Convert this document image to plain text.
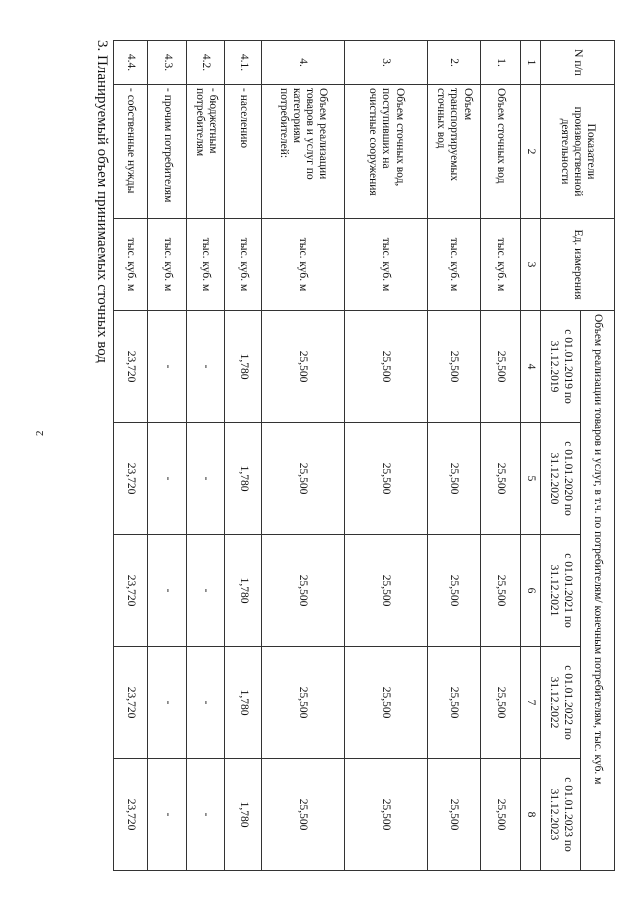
2
N п/п	Показатели производственной деятельности	Ед. измерения	Объем реализации товаров и услуг, в т.ч. по потребителям/ конечным потребителям, тыс. куб. м				
			с 01.01.2019 по 31.12.2019	с 01.01.2020 по 31.12.2020	с 01.01.2021 по 31.12.2021	с 01.01.2022 по 31.12.2022	с 01.01.2023 по 31.12.2023
1	2	3	4	5	6	7	8
1.	Объем сточных вод	тыс. куб. м	25,500	25,500	25,500	25,500	25,500
2.	Объем транспортируемых сточных вод	тыс. куб. м	25,500	25,500	25,500	25,500	25,500
3.	Объем сточных вод, поступивших на очистные сооружения	тыс. куб. м	25,500	25,500	25,500	25,500	25,500
4.	Объем реализации товаров и услуг по категориям потребителей:	тыс. куб. м	25,500	25,500	25,500	25,500	25,500
4.1.	- населению	тыс. куб. м	1,780	1,780	1,780	1,780	1,780
4.2.	- бюджетным потребителям	тыс. куб. м	-	-	-	-	-
4.3.	- прочим потребителям	тыс. куб. м	-	-	-	-	-
4.4.	- собственные нужды	тыс. куб. м	23,720	23,720	23,720	23,720	23,720
3. Планируемый объем принимаемых сточных вод
